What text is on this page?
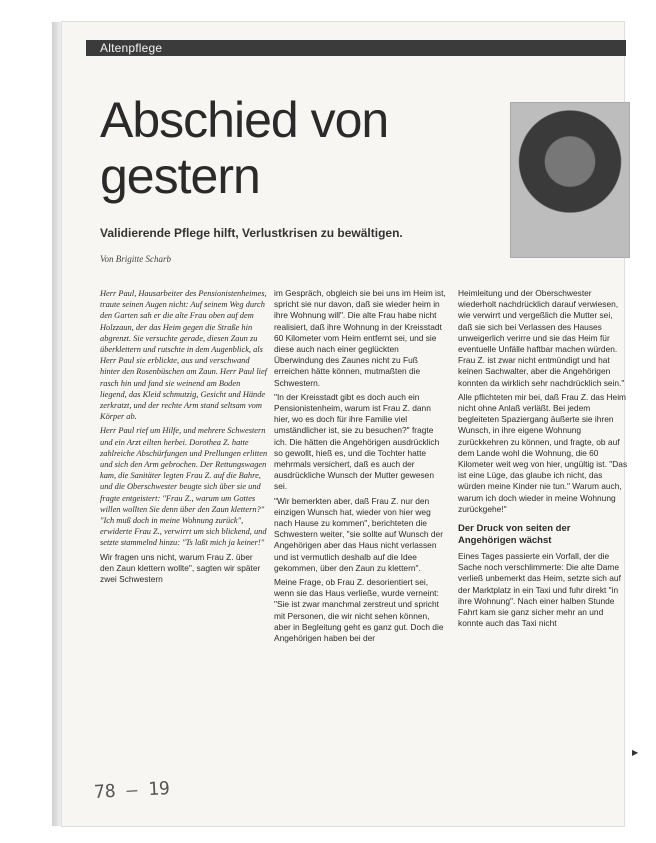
Altenpflege
Abschied von
gestern

Validierende Pflege hilft, Verlustkrisen zu bewältigen.

Von Brigitte Scharb

Herr Paul, Hausarbeiter des Pensionistenheimes, traute seinen Augen nicht: Auf seinem Weg durch den Garten sah er die alte Frau oben auf dem Holzzaun, der das Heim gegen die Straße hin abgrenzt. Sie versuchte gerade, diesen Zaun zu überklettern und rutschte in dem Augenblick, als Herr Paul sie erblickte, aus und verschwand hinter den Rosenbüschen am Zaun. Herr Paul lief rasch hin und fand sie weinend am Boden liegend, das Kleid schmutzig, Gesicht und Hände zerkratzt, und der rechte Arm stand seltsam vom Körper ab.

Herr Paul rief um Hilfe, und mehrere Schwestern und ein Arzt eilten herbei. Dorothea Z. hatte zahlreiche Abschürfungen und Prellungen erlitten und sich den Arm gebrochen. Der Rettungswagen kam, die Sanitäter legten Frau Z. auf die Bahre, und die Oberschwester beugte sich über sie und fragte entgeistert: "Frau Z., warum um Gottes willen wollten Sie denn über den Zaun klettern?" "Ich muß doch in meine Wohnung zurück", erwiderte Frau Z., verwirrt um sich blickend, und setzte stammelnd hinzu: "Ts laßt mich ja keiner!"

Wir fragen uns nicht, warum Frau Z. über den Zaun klettern wollte", sagten wir später zwei Schwestern

im Gespräch, obgleich sie bei uns im Heim ist, spricht sie nur davon, daß sie wieder heim in ihre Wohnung will". Die alte Frau habe nicht realisiert, daß ihre Wohnung in der Kreisstadt 60 Kilometer vom Heim entfernt sei, und sie diese auch nach einer geglückten Überwindung des Zaunes nicht zu Fuß erreichen hätte können, mutmaßten die Schwestern.

"In der Kreisstadt gibt es doch auch ein Pensionistenheim, warum ist Frau Z. dann hier, wo es doch für ihre Familie viel umständlicher ist, sie zu besuchen?" fragte ich. Die hätten die Angehörigen ausdrücklich so gewollt, hieß es, und die Tochter hatte mehrmals versichert, daß es auch der ausdrückliche Wunsch der Mutter gewesen sei.

"Wir bemerkten aber, daß Frau Z. nur den einzigen Wunsch hat, wieder von hier weg nach Hause zu kommen", berichteten die Schwestern weiter, "sie sollte auf Wunsch der Angehörigen aber das Haus nicht verlassen und ist vermutlich deshalb auf die Idee gekommen, über den Zaun zu klettern".

Meine Frage, ob Frau Z. desorientiert sei, wenn sie das Haus verließe, wurde verneint: "Sie ist zwar manchmal zerstreut und spricht mit Personen, die wir nicht sehen können, aber in Begleitung geht es ganz gut. Doch die Angehörigen haben bei der

Heimleitung und der Oberschwester wiederholt nachdrücklich darauf verwiesen, wie verwirrt und vergeßlich die Mutter sei, daß sie sich bei Verlassen des Hauses unweigerlich verirre und sie das Heim für eventuelle Unfälle haftbar machen würden. Frau Z. ist zwar nicht entmündigt und hat keinen Sachwalter, aber die Angehörigen konnten da wirklich sehr nachdrücklich sein."

Alle pflichteten mir bei, daß Frau Z. das Heim nicht ohne Anlaß verläßt. Bei jedem begleiteten Spaziergang äußerte sie ihren Wunsch, in ihre eigene Wohnung zurückkehren zu können, und fragte, ob auf dem Lande wohl die Wohnung, die 60 Kilometer weit weg von hier, ungültig ist. "Das ist eine Lüge, das glaube ich nicht, das würden meine Kinder nie tun." Warum auch, warum ich doch wieder in meine Wohnung zurückgehe!"

Der Druck von seiten der Angehörigen wächst

Eines Tages passierte ein Vorfall, der die Sache noch verschlimmerte: Die alte Dame verließ unbemerkt das Heim, setzte sich auf der Marktplatz in ein Taxi und fuhr direkt "in ihre Wohnung". Nach einer halben Stunde Fahrt kam sie ganz sicher mehr an und konnte auch das Taxi nicht

▶
78 – 19
